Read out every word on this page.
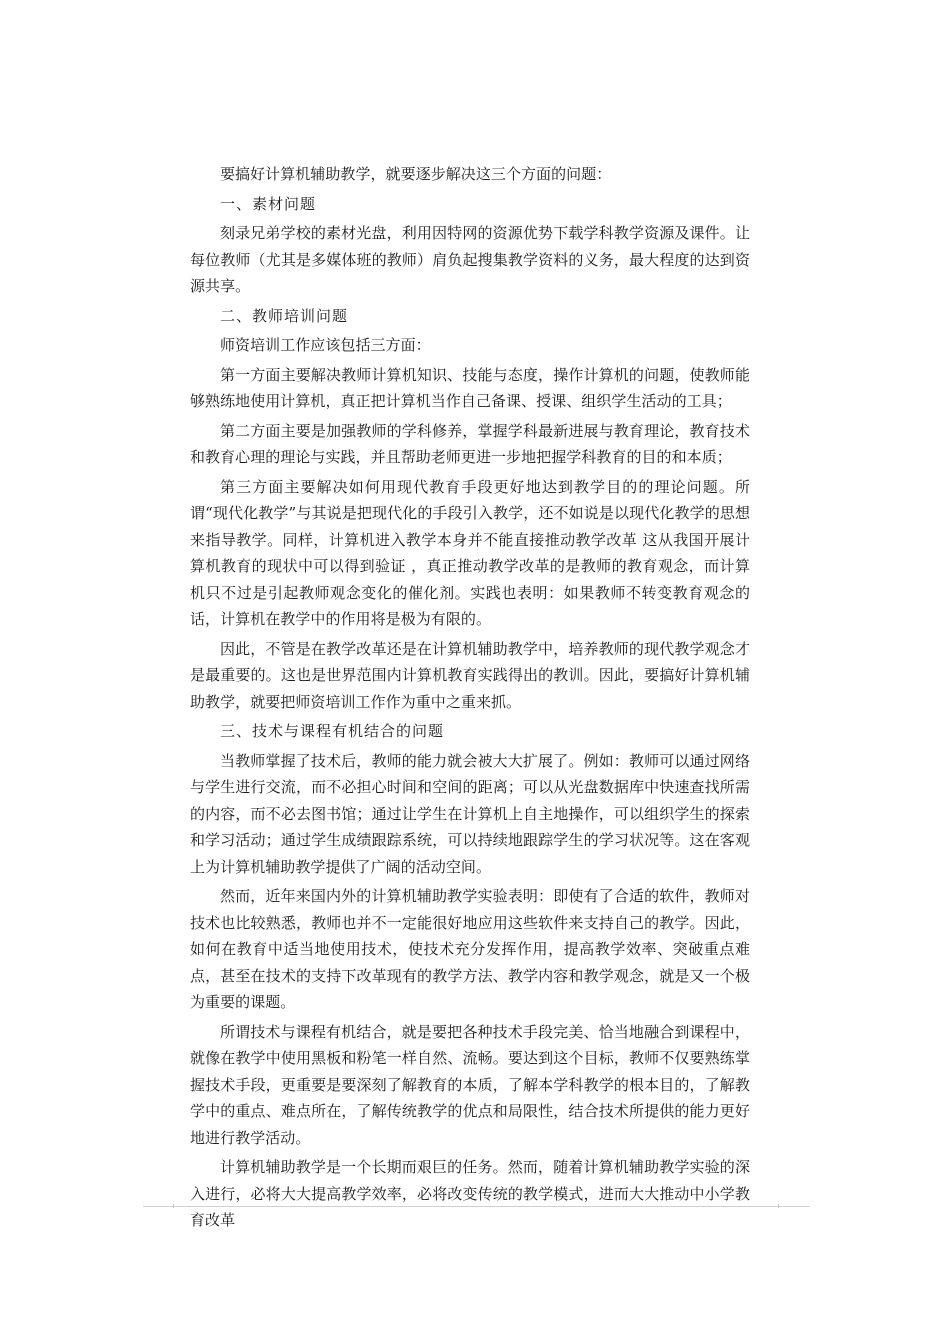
要搞好计算机辅助教学，就要逐步解决这三个方面的问题：

一、素材问题

刻录兄弟学校的素材光盘，利用因特网的资源优势下载学科教学资源及课件。让每位教师（尤其是多媒体班的教师）肩负起搜集教学资料的义务，最大程度的达到资源共享。

二、教师培训问题

师资培训工作应该包括三方面：

第一方面主要解决教师计算机知识、技能与态度，操作计算机的问题，使教师能够熟练地使用计算机，真正把计算机当作自己备课、授课、组织学生活动的工具；

第二方面主要是加强教师的学科修养，掌握学科最新进展与教育理论，教育技术和教育心理的理论与实践，并且帮助老师更进一步地把握学科教育的目的和本质；

第三方面主要解决如何用现代教育手段更好地达到教学目的的理论问题。所谓“现代化教学”与其说是把现代化的手段引入教学，还不如说是以现代化教学的思想来指导教学。同样，计算机进入教学本身并不能直接推动教学改革 这从我国开展计算机教育的现状中可以得到验证 ，真正推动教学改革的是教师的教育观念，而计算机只不过是引起教师观念变化的催化剂。实践也表明：如果教师不转变教育观念的话，计算机在教学中的作用将是极为有限的。

因此，不管是在教学改革还是在计算机辅助教学中，培养教师的现代教学观念才是最重要的。这也是世界范围内计算机教育实践得出的教训。因此，要搞好计算机辅助教学，就要把师资培训工作作为重中之重来抓。

三、技术与课程有机结合的问题

当教师掌握了技术后，教师的能力就会被大大扩展了。例如：教师可以通过网络与学生进行交流，而不必担心时间和空间的距离；可以从光盘数据库中快速查找所需的内容，而不必去图书馆；通过让学生在计算机上自主地操作，可以组织学生的探索和学习活动；通过学生成绩跟踪系统，可以持续地跟踪学生的学习状况等。这在客观上为计算机辅助教学提供了广阔的活动空间。

然而，近年来国内外的计算机辅助教学实验表明：即使有了合适的软件，教师对技术也比较熟悉，教师也并不一定能很好地应用这些软件来支持自己的教学。因此，如何在教育中适当地使用技术，使技术充分发挥作用，提高教学效率、突破重点难点，甚至在技术的支持下改革现有的教学方法、教学内容和教学观念，就是又一个极为重要的课题。

所谓技术与课程有机结合，就是要把各种技术手段完美、恰当地融合到课程中，就像在教学中使用黑板和粉笔一样自然、流畅。要达到这个目标，教师不仅要熟练掌握技术手段，更重要是要深刻了解教育的本质，了解本学科教学的根本目的，了解教学中的重点、难点所在，了解传统教学的优点和局限性，结合技术所提供的能力更好地进行教学活动。

计算机辅助教学是一个长期而艰巨的任务。然而，随着计算机辅助教学实验的深入进行，必将大大提高教学效率，必将改变传统的教学模式，进而大大推动中小学教育改革
